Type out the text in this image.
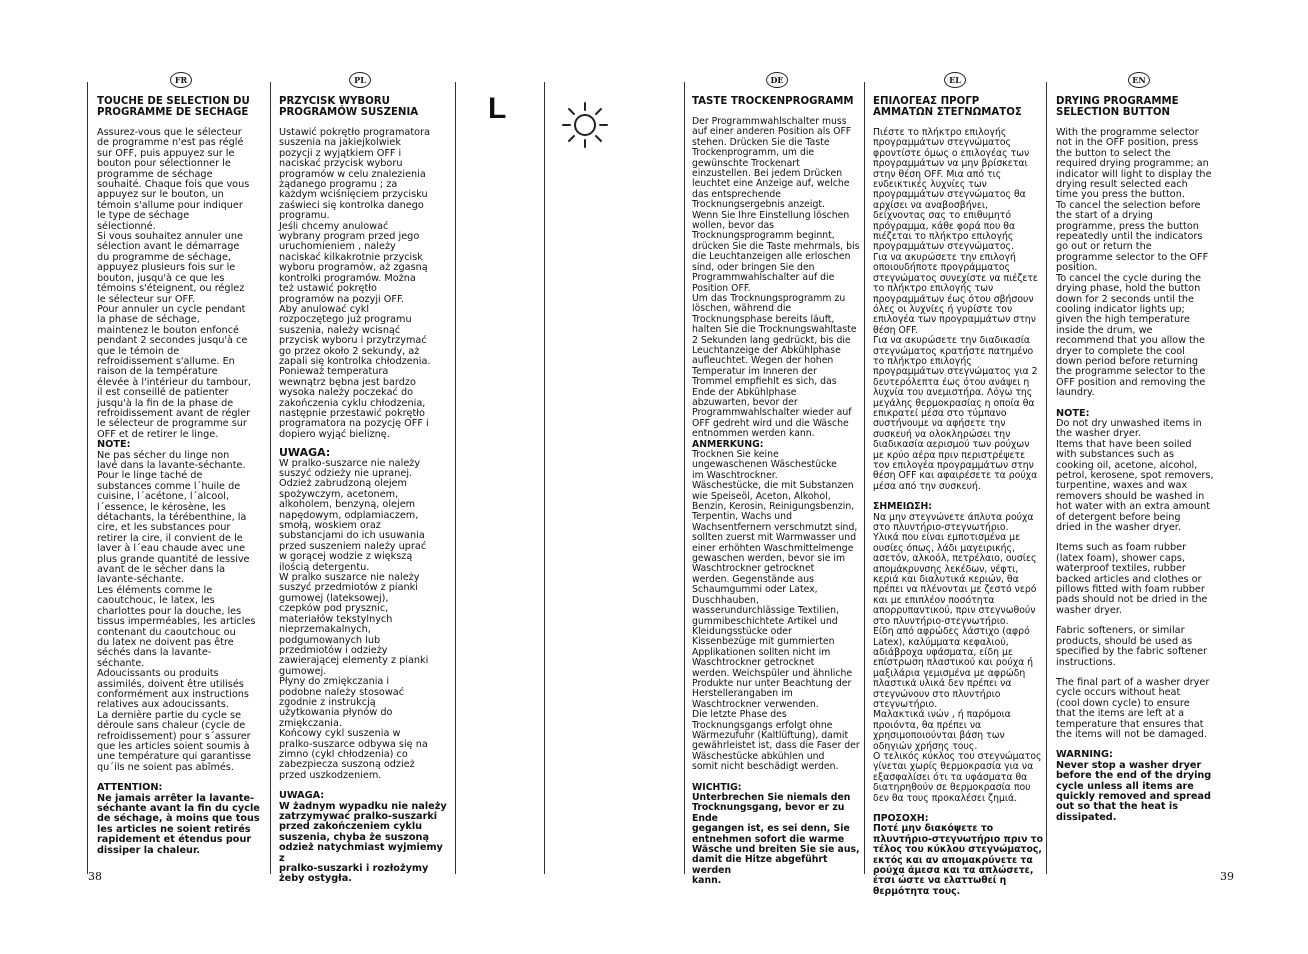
FR	PL	DE	EL	EN
L

TOUCHE DE SELECTION DU
PROGRAMME DE SECHAGE

Assurez-vous que le sélecteur
de programme n'est pas réglé
sur OFF, puis appuyez sur le
bouton pour sélectionner le
programme de séchage
souhaité. Chaque fois que vous
appuyez sur le bouton, un
témoin s'allume pour indiquer
le type de séchage
sélectionné.
Si vous souhaitez annuler une
sélection avant le démarrage
du programme de séchage,
appuyez plusieurs fois sur le
bouton, jusqu'à ce que les
témoins s'éteignent, ou réglez
le sélecteur sur OFF.
Pour annuler un cycle pendant
la phase de séchage,
maintenez le bouton enfoncé
pendant 2 secondes jusqu'à ce
que le témoin de
refroidissement s'allume. En
raison de la température
élevée à l'intérieur du tambour,
il est conseillé de patienter
jusqu'à la fin de la phase de
refroidissement avant de régler
le sélecteur de programme sur
OFF et de retirer le linge.

NOTE:

Ne pas sécher du linge non
lavé dans la lavante-séchante.
Pour le linge taché de
substances comme l´huile de
cuisine, l´acétone, l´alcool,
l´essence, le kérosène, les
détachants, la térébenthine, la
cire, et les substances pour
retirer la cire, il convient de le
laver à l´eau chaude avec une
plus grande quantité de lessive
avant de le sécher dans la
lavante-séchante.
Les éléments comme le
caoutchouc, le latex, les
charlottes pour la douche, les
tissus imperméables, les articles
contenant du caoutchouc ou
du latex ne doivent pas être
séchés dans la lavante-
séchante.
Adoucissants ou produits
assimilés, doivent être utilisés
conformément aux instructions
relatives aux adoucissants.
La dernière partie du cycle se
déroule sans chaleur (cycle de
refroidissement) pour s´assurer
que les articles soient soumis à
une température qui garantisse
qu´ils ne soient pas abîmés.

ATTENTION:

Ne jamais arrêter la lavante-
séchante avant la fin du cycle
de séchage, à moins que tous
les articles ne soient retirés
rapidement et étendus pour
dissiper la chaleur.

PRZYCISK WYBORU
PROGRAMÓW SUSZENIA

Ustawić pokrętło programatora
suszenia na jakiejkolwiek
pozycji z wyjątkiem OFF i
naciskać przycisk wyboru
programów w celu znalezienia
żądanego programu ; za
każdym wciśnięciem przycisku
zaświeci się kontrolka danego
programu.
Jeśli chcemy anulować
wybrany program przed jego
uruchomieniem , należy
naciskać kilkakrotnie przycisk
wyboru programów, aż zgasną
kontrolki programów. Można
też ustawić pokrętło
programów na pozyji OFF.
Aby anulować cykl
rozpoczętego już programu
suszenia, należy wcisnąć
przycisk wyboru i przytrzymać
go przez około 2 sekundy, aż
zapali się kontrolka chłodzenia.
Ponieważ temperatura
wewnątrz bębna jest bardzo
wysoka należy poczekać do
zakończenia cyklu chłodzenia,
następnie przestawić pokrętło
programatora na pozycję OFF i
dopiero wyjąć bieliznę.

UWAGA:

W pralko-suszarce nie należy
suszyć odzieży nie upranej.
Odzież zabrudzoną olejem
spożywczym, acetonem,
alkoholem, benzyną, olejem
napędowym, odplamiaczem,
smołą, woskiem oraz
substancjami do ich usuwania
przed suszeniem należy uprać
w gorącej wodzie z większą
ilością detergentu.
W pralko suszarce nie należy
suszyć przedmiotów z pianki
gumowej (lateksowej),
czepków pod prysznic,
materiałów tekstylnych
nieprzemakalnych,
podgumowanych lub
przedmiotów i odzieży
zawierającej elementy z pianki
gumowej.
Płyny do zmiękczania i
podobne należy stosować
zgodnie z instrukcją
użytkowania płynów do
zmiękczania.
Końcowy cykl suszenia w
pralko-suszarce odbywa się na
zimno (cykl chłodzenia) co
zabezpiecza suszoną odzież
przed uszkodzeniem.

UWAGA:

W żadnym wypadku nie należy
zatrzymywać pralko-suszarki
przed zakończeniem cyklu
suszenia, chyba że suszoną
odzież natychmiast wyjmiemy z
pralko-suszarki i rozłożymy
żeby ostygła.

TASTE TROCKENPROGRAMM

Der Programmwahlschalter muss
auf einer anderen Position als OFF
stehen. Drücken Sie die Taste
Trockenprogramm, um die
gewünschte Trockenart
einzustellen. Bei jedem Drücken
leuchtet eine Anzeige auf, welche
das entsprechende
Trocknungsergebnis anzeigt.
Wenn Sie Ihre Einstellung löschen
wollen, bevor das
Trocknungsprogramm beginnt,
drücken Sie die Taste mehrmals, bis
die Leuchtanzeigen alle erloschen
sind, oder bringen Sie den
Programmwahlschalter auf die
Position OFF.
Um das Trocknungsprogramm zu
löschen, während die
Trocknungsphase bereits läuft,
halten Sie die Trocknungswahltaste
2 Sekunden lang gedrückt, bis die
Leuchtanzeige der Abkühlphase
aufleuchtet. Wegen der hohen
Temperatur im Inneren der
Trommel empfiehlt es sich, das
Ende der Abkühlphase
abzuwarten, bevor der
Programmwahlschalter wieder auf
OFF gedreht wird und die Wäsche
entnommen werden kann.

ANMERKUNG:

Trocknen Sie keine
ungewaschenen Wäschestücke
im Waschtrockner.
Wäschestücke, die mit Substanzen
wie Speiseöl, Aceton, Alkohol,
Benzin, Kerosin, Reinigungsbenzin,
Terpentin, Wachs und
Wachsentfernern verschmutzt sind,
sollten zuerst mit Warmwasser und
einer erhöhten Waschmittelmenge
gewaschen werden, bevor sie im
Waschtrockner getrocknet
werden. Gegenstände aus
Schaumgummi oder Latex,
Duschhauben,
wasserundurchlässige Textilien,
gummibeschichtete Artikel und
Kleidungsstücke oder
Kissenbezüge mit gummierten
Applikationen sollten nicht im
Waschtrockner getrocknet
werden. Weichspüler und ähnliche
Produkte nur unter Beachtung der
Herstellerangaben im
Waschtrockner verwenden.
Die letzte Phase des
Trocknungsgangs erfolgt ohne
Wärmezufuhr (Kaltlüftung), damit
gewährleistet ist, dass die Faser der
Wäschestücke abkühlen und
somit nicht beschädigt werden.

WICHTIG:

Unterbrechen Sie niemals den
Trocknungsgang, bevor er zu Ende
gegangen ist, es sei denn, Sie
entnehmen sofort die warme
Wäsche und breiten Sie sie aus,
damit die Hitze abgeführt werden
kann.

ΕΠΙΛΟΓΕΑΣ ΠΡΟΓΡ
ΑΜΜΑΤΩΝ ΣΤΕΓΝΩΜΑΤΟΣ

Πιέστε το πλήκτρο επιλογής
προγραμμάτων στεγνώματος
φροντίστε όμως ο επιλογέας των
προγραμμάτων να μην βρίσκεται
στην θέση OFF. Μια από τις
ενδεικτικές λυχνίες των
προγραμμάτων στεγνώματος θα
αρχίσει να αναβοσβήνει,
δείχνοντας σας το επιθυμητό
πρόγραμμα, κάθε φορά που θα
πιέζεται το πλήκτρο επιλογής
προγραμμάτων στεγνώματος.
Για να ακυρώσετε την επιλογή
οποιουδήποτε προγράμματος
στεγνώματος συνεχίστε να πιέζετε
το πλήκτρο επιλογής των
προγραμμάτων έως ότου σβήσουν
όλες οι λυχνίες ή γυρίστε τον
επιλογέα των προγραμμάτων στην
θέση OFF.
Για να ακυρώσετε την διαδικασία
στεγνώματος κρατήστε πατημένο
το πλήκτρο επιλογής
προγραμμάτων στεγνώματος για 2
δευτερόλεπτα έως ότου ανάψει η
λυχνία του ανεμιστήρα. Λόγω της
μεγάλης θερμοκρασίας η οποία θα
επικρατεί μέσα στο τύμπανο
συστήνουμε να αφήσετε την
συσκευή να ολοκληρώσει την
διαδικασία αερισμού των ρούχων
με κρύο αέρα πριν περιστρέψετε
τον επιλογέα προγραμμάτων στην
θέση OFF και αφαιρέσετε τα ρούχα
μέσα από την συσκευή.

ΣΗΜΕΙΩΣΗ:

Να μην στεγνώνετε άπλυτα ρούχα
στο πλυντήριο-στεγνωτήριο.
Υλικά που είναι εμποτισμένα με
ουσίες όπως, λάδι μαγειρικής,
ασετόν, αλκοόλ, πετρέλαιο, ουσίες
απομάκρυνσης λεκέδων, νέφτι,
κεριά και διαλυτικά κεριών, θα
πρέπει να πλένονται με ζεστό νερό
και με επιπλέον ποσότητα
απορρυπαντικού, πριν στεγνωθούν
στο πλυντήριο-στεγνωτήριο.
Είδη από αφρώδες λάστιχο (αφρό
Latex), καλύμματα κεφαλιού,
αδιάβροχα υφάσματα, είδη με
επίστρωση πλαστικού και ρούχα ή
μαξιλάρια γεμισμένα με αφρώδη
πλαστικά υλικά δεν πρέπει να
στεγνώνουν στο πλυντήριο
στεγνωτήριο.
Μαλακτικά ινών , ή παρόμοια
προιόντα, θα πρέπει να
χρησιμοποιούνται βάση των
οδηγιών χρήσης τους.
Ο τελικός κύκλος του στεγνώματος
γίνεται χωρίς θερμοκρασία για να
εξασφαλίσει ότι τα υφάσματα θα
διατηρηθούν σε θερμοκρασία που
δεν θα τους προκαλέσει ζημιά.

ΠΡΟΣΟΧΗ:

Ποτέ μην διακόψετε το
πλυντήριο-στεγνωτήριο πριν το
τέλος του κύκλου στεγνώματος,
εκτός και αν απομακρύνετε τα
ρούχα άμεσα και τα απλώσετε,
έτσι ώστε να ελαττωθεί η
θερμότητα τους.

DRYING PROGRAMME
SELECTION BUTTON

With the programme selector
not in the OFF position, press
the button to select the
required drying programme; an
indicator will light to display the
drying result selected each
time you press the button.
To cancel the selection before
the start of a drying
programme, press the button
repeatedly until the indicators
go out or return the
programme selector to the OFF
position.
To cancel the cycle during the
drying phase, hold the button
down for 2 seconds until the
cooling indicator lights up;
given the high temperature
inside the drum, we
recommend that you allow the
dryer to complete the cool
down period before returning
the programme selector to the
OFF position and removing the
laundry.

NOTE:

Do not dry unwashed items in
the washer dryer.
Items that have been soiled
with substances such as
cooking oil, acetone, alcohol,
petrol, kerosene, spot removers,
turpentine, waxes and wax
removers should be washed in
hot water with an extra amount
of detergent before being
dried in the washer dryer.

Items such as foam rubber
(latex foam), shower caps,
waterproof textiles, rubber
backed articles and clothes or
pillows fitted with foam rubber
pads should not be dried in the
washer dryer.

Fabric softeners, or similar
products, should be used as
specified by the fabric softener
instructions.

The final part of a washer dryer
cycle occurs without heat
(cool down cycle) to ensure
that the items are left at a
temperature that ensures that
the items will not be damaged.

WARNING:

Never stop a washer dryer
before the end of the drying
cycle unless all items are
quickly removed and spread
out so that the heat is
dissipated.

38	39
